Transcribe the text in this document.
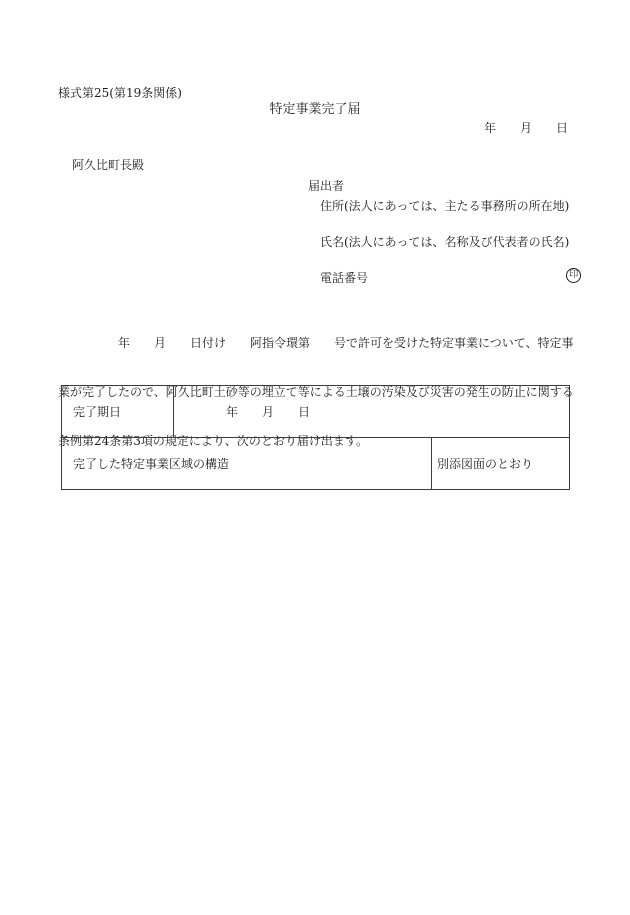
様式第25(第19条関係)
特定事業完了届
年　　月　　日
阿久比町長殿
届出者
住所(法人にあっては、主たる事務所の所在地)
氏名(法人にあっては、名称及び代表者の氏名)

印

電話番号

　　　　　年　　月　　日付け　　阿指令環第　　号で許可を受けた特定事業について、特定事

業が完了したので、阿久比町土砂等の埋立て等による土壌の汚染及び災害の発生の防止に関する

条例第24条第3項の規定により、次のとおり届け出ます。

完了期日	年　　月　　日
完了した特定事業区域の構造	別添図面のとおり
